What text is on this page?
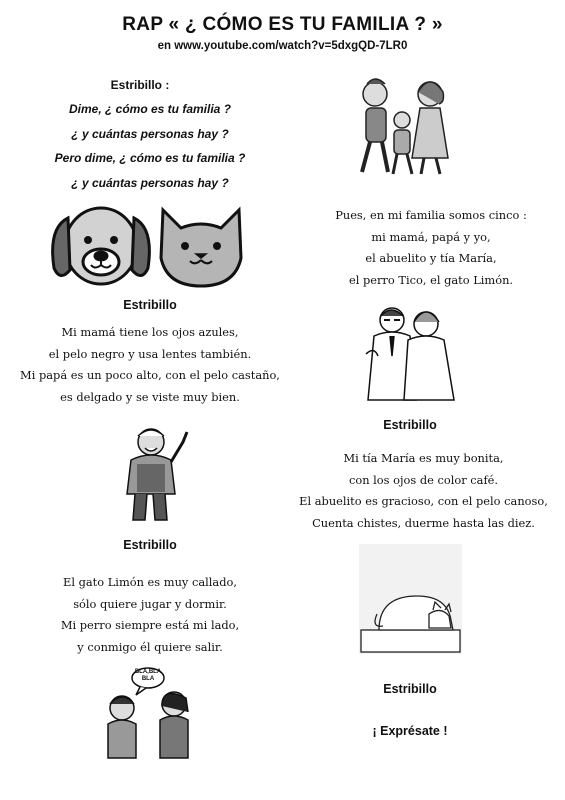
RAP « ¿ CÓMO ES TU FAMILIA ? »
en www.youtube.com/watch?v=5dxgQD-7LR0
Estribillo :
Dime, ¿ cómo es tu familia ?
¿ y cuántas personas hay ?
Pero dime, ¿ cómo es tu familia ?
¿ y cuántas personas hay ?
Pues, en mi familia somos cinco :
mi mamá, papá y yo,
el abuelito y tía María,
el perro Tico, el gato Limón.
Estribillo
Mi mamá tiene los ojos azules,
el pelo negro y usa lentes también.
Mi papá es un poco alto, con el pelo castaño,
es delgado y se viste muy bien.
Estribillo
Mi tía María es muy bonita,
con los ojos de color café.
El abuelito es gracioso, con el pelo canoso,
Cuenta chistes, duerme hasta las diez.
Estribillo
El gato Limón es muy callado,
sólo quiere jugar y dormir.
Mi perro siempre está mi lado,
y conmigo él quiere salir.
Estribillo
BLA,BLA BLA
¡ Exprésate !
